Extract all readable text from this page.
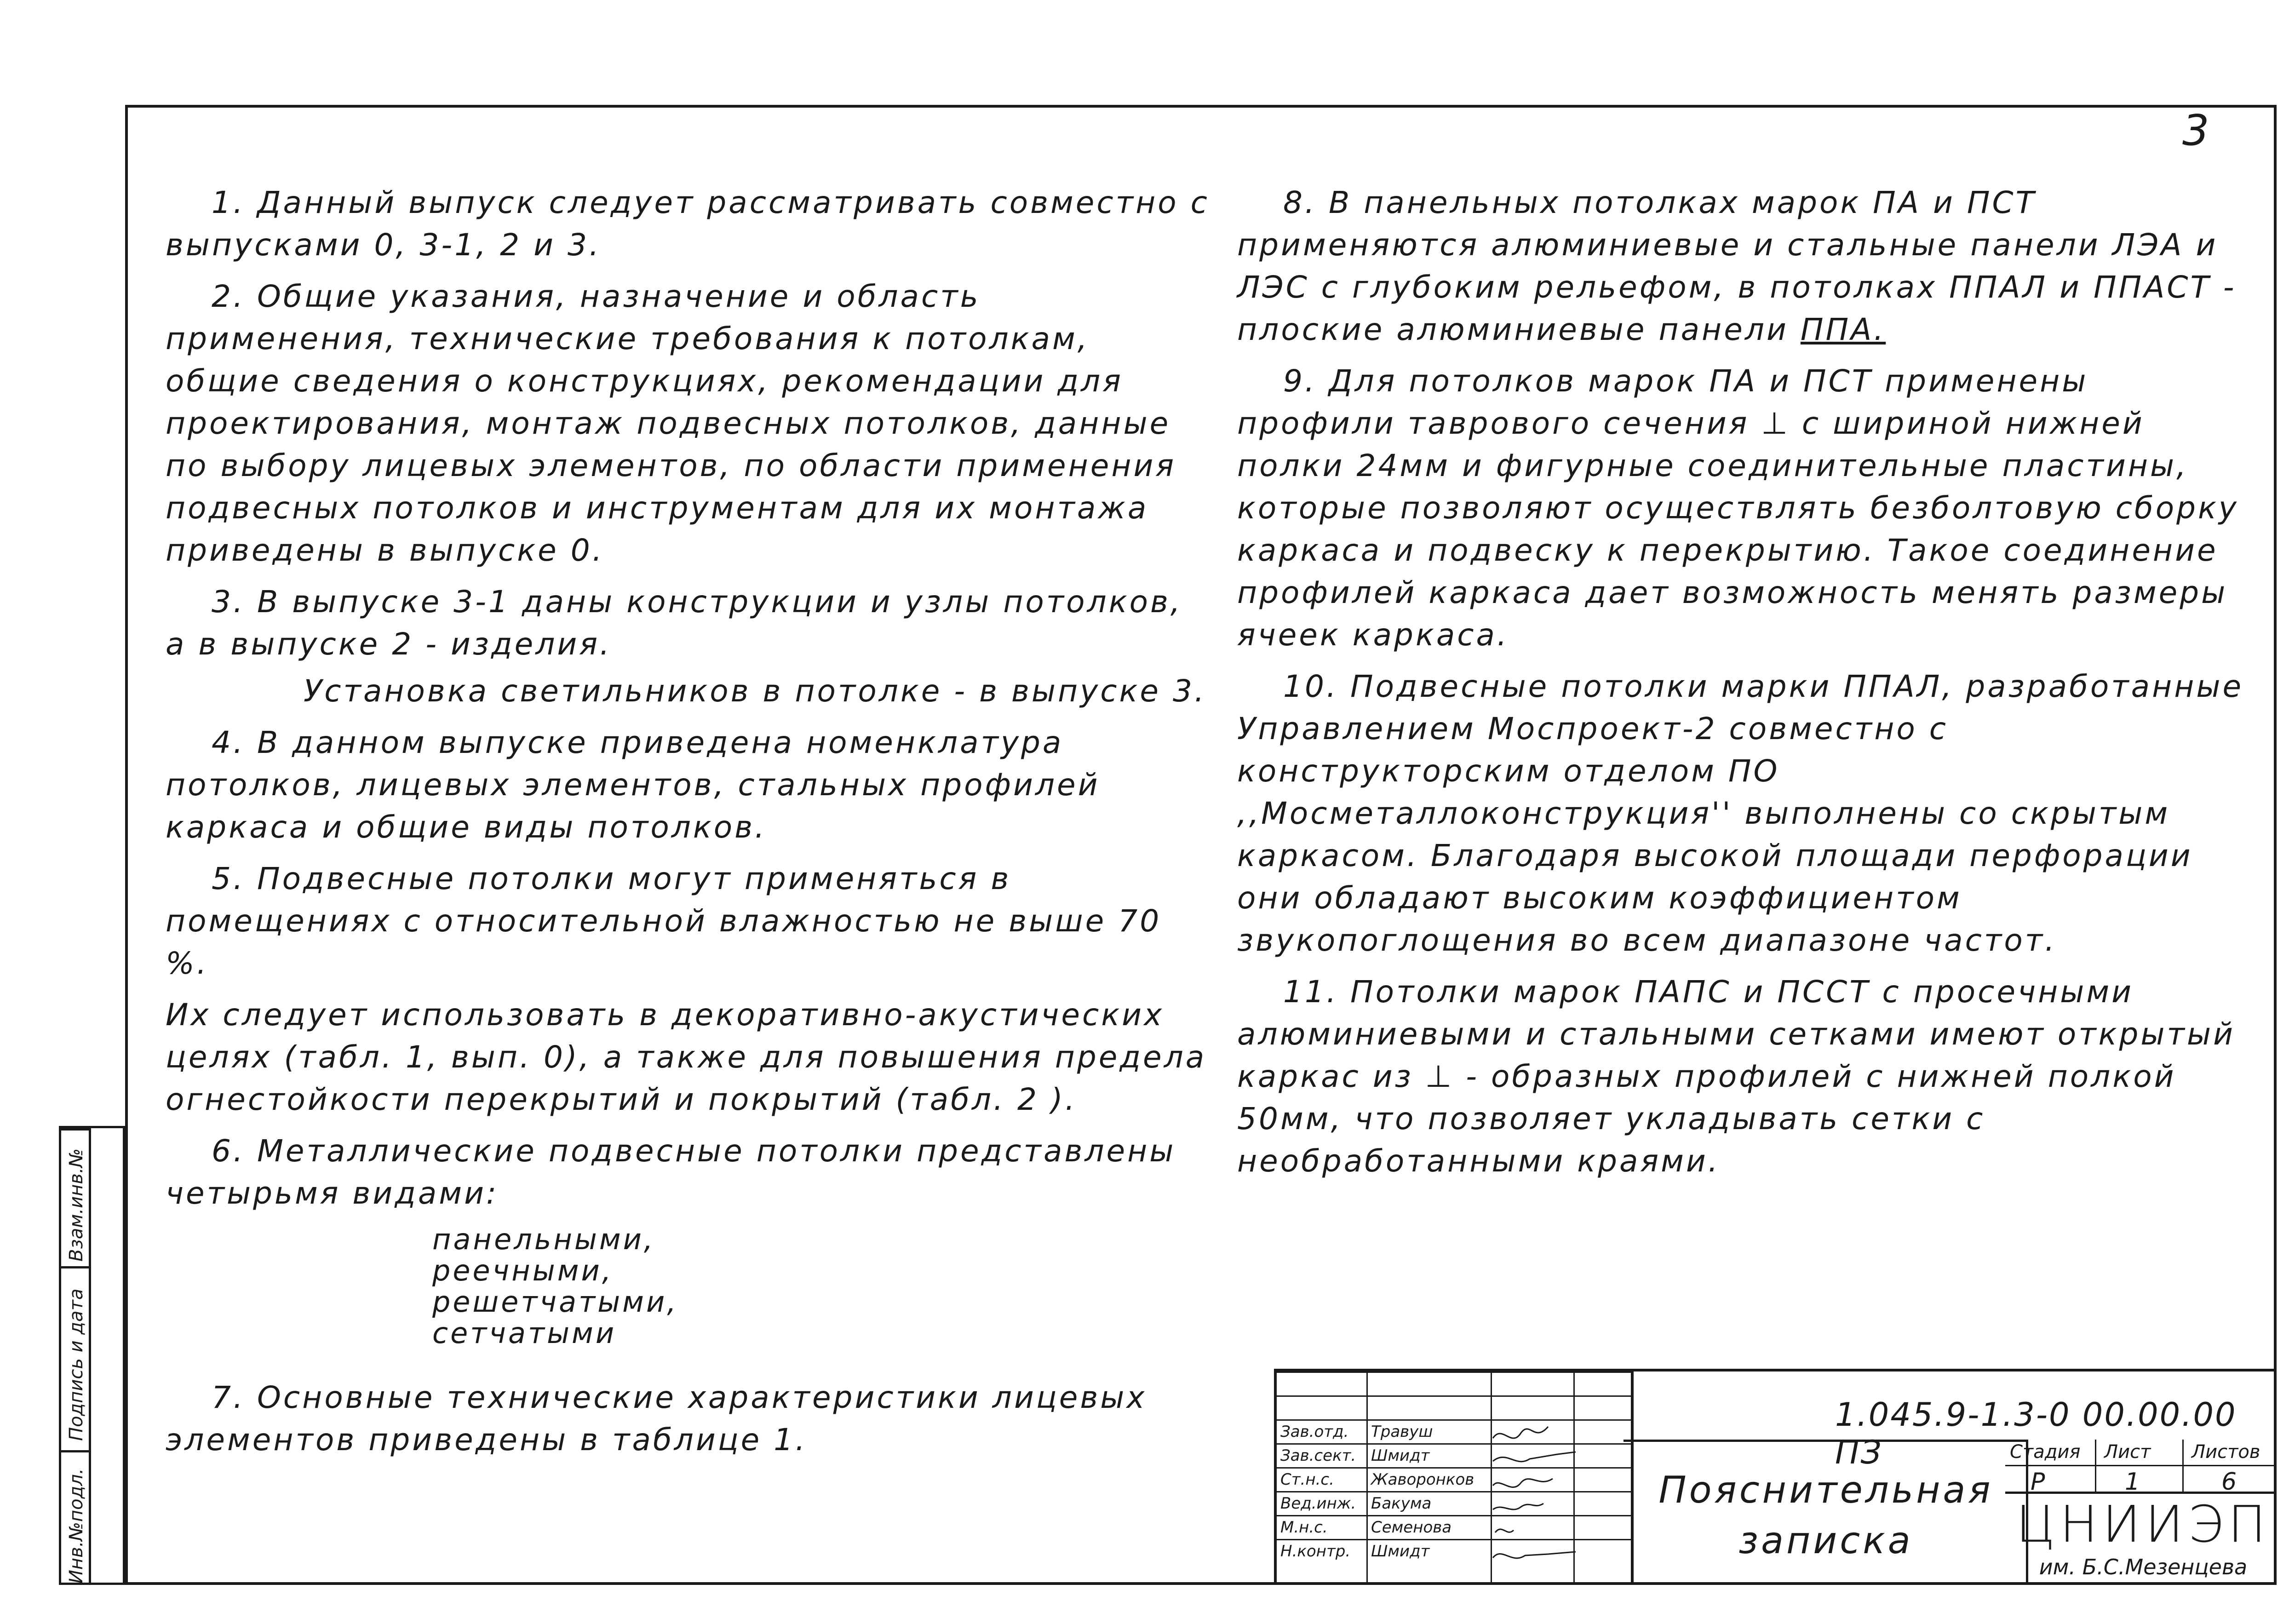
3

1. Данный выпуск следует рассматривать совместно с выпусками 0, 3-1, 2 и 3.

2. Общие указания, назначение и область применения, технические требования к потолкам, общие сведения о конструкциях, рекомендации для проектирования, монтаж подвесных потолков, данные по выбору лицевых элементов, по области применения подвесных потолков и инструментам для их монтажа приведены в выпуске 0.

3. В выпуске 3-1 даны конструкции и узлы потолков, а в выпуске 2 - изделия.

Установка светильников в потолке - в выпуске 3.

4. В данном выпуске приведена номенклатура потолков, лицевых элементов, стальных профилей каркаса и общие виды потолков.

5. Подвесные потолки могут применяться в помещениях с относительной влажностью не выше 70 %.

Их следует использовать в декоративно-акустических целях (табл. 1, вып. 0), а также для повышения предела огнестойкости перекрытий и покрытий (табл. 2 ).

6. Металлические подвесные потолки представлены четырьмя видами:

панельными,
реечными,
решетчатыми,
сетчатыми

7. Основные технические характеристики лицевых элементов приведены в таблице 1.

8. В панельных потолках марок ПА и ПСТ применяются алюминиевые и стальные панели ЛЭА и ЛЭС с глубоким рельефом, в потолках ППАЛ и ППАСТ - плоские алюминиевые панели ППА.

9. Для потолков марок ПА и ПСТ применены профили таврового сечения ⊥ с шириной нижней полки 24мм и фигурные соединительные пластины, которые позволяют осуществлять безболтовую сборку каркаса и подвеску к перекрытию. Такое соединение профилей каркаса дает возможность менять размеры ячеек каркаса.

10. Подвесные потолки марки ППАЛ, разработанные Управлением Моспроект-2 совместно с конструкторским отделом ПО ,,Мосметаллоконструкция'' выполнены со скрытым каркасом. Благодаря высокой площади перфорации они обладают высоким коэффициентом звукопоглощения во всем диапазоне частот.

11. Потолки марок ПАПС и ПССТ с просечными алюминиевыми и стальными сетками имеют открытый каркас из ⊥ - образных профилей с нижней полкой 50мм, что позволяет укладывать сетки с необработанными краями.

Инв.№подл.
Подпись и дата
Взам.инв.№
Зав.отд. Травуш
Зав.сект. Шмидт
Ст.н.с. Жаворонков
Вед.инж. Бакума
М.н.с.	Семенова
Н.контр. Шмидт
1.045.9-1.3-0 00.00.00 ПЗ
Пояснительная
записка
Стадия Лист Листов
Р	1	6
ЦНИИЭП
им. Б.С.Мезенцева
